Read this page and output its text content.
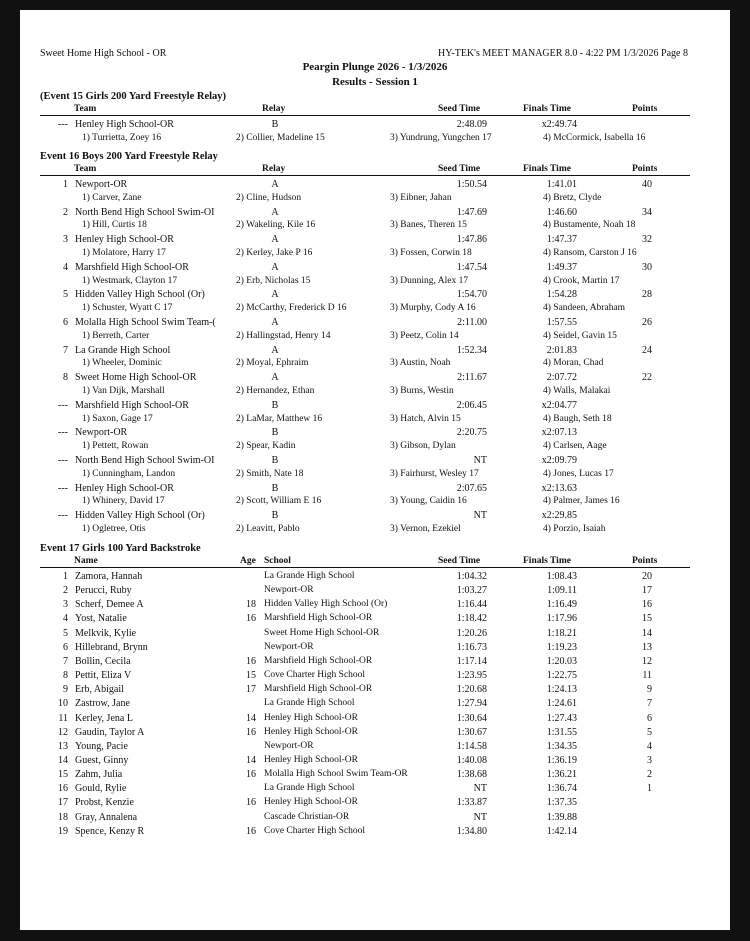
Sweet Home High School - OR	HY-TEK's MEET MANAGER 8.0 - 4:22 PM 1/3/2026 Page 8
Peargin Plunge 2026 - 1/3/2026
Results - Session 1
(Event 15 Girls 200 Yard Freestyle Relay)
Team	Relay	Seed Time	Finals Time	Points
--- Henley High School-OR	B	2:48.09	x2:49.74
1) Turrietta, Zoey 16	2) Collier, Madeline 15	3) Yundrung, Yungchen 17	4) McCormick, Isabella 16
Event 16 Boys 200 Yard Freestyle Relay
Team	Relay	Seed Time	Finals Time	Points
1 Newport-OR	A	1:50.54	1:41.01	40
1) Carver, Zane	2) Cline, Hudson	3) Eibner, Jahan	4) Bretz, Clyde
2 North Bend High School Swim-OI	A	1:47.69	1:46.60	34
1) Hill, Curtis 18	2) Wakeling, Kile 16	3) Banes, Theren 15	4) Bustamente, Noah 18
3 Henley High School-OR	A	1:47.86	1:47.37	32
1) Molatore, Harry 17	2) Kerley, Jake P 16	3) Fossen, Corwin 18	4) Ransom, Carston J 16
4 Marshfield High School-OR	A	1:47.54	1:49.37	30
1) Westmark, Clayton 17	2) Erb, Nicholas 15	3) Dunning, Alex 17	4) Crook, Martin 17
5 Hidden Valley High School (Or)	A	1:54.70	1:54.28	28
1) Schuster, Wyatt C 17	2) McCarthy, Frederick D 16	3) Murphy, Cody A 16	4) Sandeen, Abraham
6 Molalla High School Swim Team-(	A	2:11.00	1:57.55	26
1) Berreth, Carter	2) Hallingstad, Henry 14	3) Peetz, Colin 14	4) Seidel, Gavin 15
7 La Grande High School	A	1:52.34	2:01.83	24
1) Wheeler, Dominic	2) Moyal, Ephraim	3) Austin, Noah	4) Moran, Chad
8 Sweet Home High School-OR	A	2:11.67	2:07.72	22
1) Van Dijk, Marshall	2) Hernandez, Ethan	3) Burns, Westin	4) Walls, Malakai
--- Marshfield High School-OR	B	2:06.45	x2:04.77
1) Saxon, Gage 17	2) LaMar, Matthew 16	3) Hatch, Alvin 15	4) Baugh, Seth 18
--- Newport-OR	B	2:20.75	x2:07.13
1) Pettett, Rowan	2) Spear, Kadin	3) Gibson, Dylan	4) Carlsen, Aage
--- North Bend High School Swim-OI	B	NT	x2:09.79
1) Cunningham, Landon	2) Smith, Nate 18	3) Fairhurst, Wesley 17	4) Jones, Lucas 17
--- Henley High School-OR	B	2:07.65	x2:13.63
1) Whinery, David 17	2) Scott, William E 16	3) Young, Caidin 16	4) Palmer, James 16
--- Hidden Valley High School (Or)	B	NT	x2:29.85
1) Ogletree, Otis	2) Leavitt, Pablo	3) Vernon, Ezekiel	4) Porzio, Isaiah
Event 17 Girls 100 Yard Backstroke
Name	Age School	Seed Time	Finals Time	Points
1 Zamora, Hannah	La Grande High School	1:04.32	1:08.43	20
2 Perucci, Ruby	Newport-OR	1:03.27	1:09.11	17
3 Scherf, Demee A	18 Hidden Valley High School (Or)	1:16.44	1:16.49	16
4 Yost, Natalie	16 Marshfield High School-OR	1:18.42	1:17.96	15
5 Melkvik, Kylie	Sweet Home High School-OR	1:20.26	1:18.21	14
6 Hillebrand, Brynn	Newport-OR	1:16.73	1:19.23	13
7 Bollin, Cecila	16 Marshfield High School-OR	1:17.14	1:20.03	12
8 Pettit, Eliza V	15 Cove Charter High School	1:23.95	1:22.75	11
9 Erb, Abigail	17 Marshfield High School-OR	1:20.68	1:24.13	9
10 Zastrow, Jane	La Grande High School	1:27.94	1:24.61	7
11 Kerley, Jena L	14 Henley High School-OR	1:30.64	1:27.43	6
12 Gaudin, Taylor A	16 Henley High School-OR	1:30.67	1:31.55	5
13 Young, Pacie	Newport-OR	1:14.58	1:34.35	4
14 Guest, Ginny	14 Henley High School-OR	1:40.08	1:36.19	3
15 Zahm, Julia	16 Molalla High School Swim Team-OR	1:38.68	1:36.21	2
16 Gould, Rylie	La Grande High School	NT	1:36.74	1
17 Probst, Kenzie	16 Henley High School-OR	1:33.87	1:37.35
18 Gray, Annalena	Cascade Christian-OR	NT	1:39.88
19 Spence, Kenzy R	16 Cove Charter High School	1:34.80	1:42.14
